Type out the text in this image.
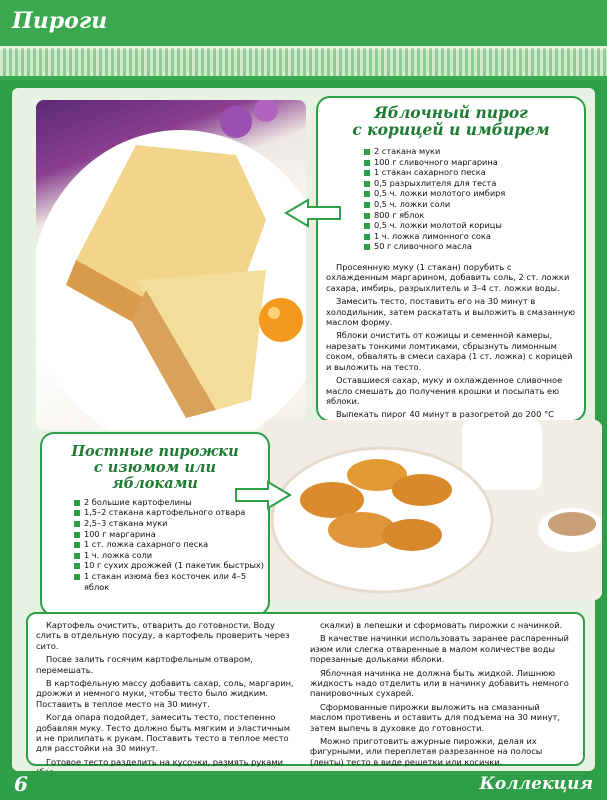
Пироги
Яблочный пирог
с корицей и имбирем
2 стакана муки
100 г сливочного маргарина
1 стакан сахарного песка
0,5 разрыхлителя для теста
0,5 ч. ложки молотого имбиря
0,5 ч. ложки соли
800 г яблок
0,5 ч. ложки молотой корицы
1 ч. ложка лимонного сока
50 г сливочного масла

Просеянную муку (1 стакан) порубить с охлажденным маргарином, добавить соль, 2 ст. ложки сахара, имбирь, разрыхлитель и 3–4 ст. ложки воды.

Замесить тесто, поставить его на 30 минут в холодильник, затем раскатать и выложить в смазанную маслом форму.

Яблоки очистить от кожицы и семенной камеры, нарезать тонкими ломтиками, сбрызнуть лимонным соком, обвалять в смеси сахара (1 ст. ложка) с корицей и выложить на тесто.

Оставшиеся сахар, муку и охлажденное сливочное масло смешать до получения крошки и посыпать ею яблоки.

Выпекать пирог 40 минут в разогретой до 200 °С

Постные пирожки
с изюмом или
яблоками
2 большие картофелины
1,5–2 стакана картофельного отвара
2,5–3 стакана муки
100 г маргарина
1 ст. ложка сахарного песка
1 ч. ложка соли
10 г сухих дрожжей (1 пакетик быстрых)
1 стакан изюма без косточек или 4–5 яблок

Картофель очистить, отварить до готовности. Воду слить в отдельную посуду, а картофель проверить через сито.

Посве залить госячим картофельным отваром, перемешать.

В картофельную массу добавить сахар, соль, маргарин, дрожжи и немного муки, чтобы тесто было жидким. Поставить в теплое место на 30 минут.

Когда опара подойдет, замесить тесто, постепенно добавляя муку. Тесто должно быть мягким и эластичным и не прилипать к рукам. Поставить тесто в теплое место для расстойки на 30 минут.

Готовое тесто разделить на кусочки, размять руками

скалки) в лепешки и сформовать пирожки с начинкой.

В качестве начинки использовать заранее распаренный изюм или слегка отваренные в малом количестве воды порезанные дольками яблоки.

Яблочная начинка не должна быть жидкой. Лишнюю жидкость надо отделить или в начинку добавить немного панировочных сухарей.

Сформованные пирожки выложить на смазанный маслом противень и оставить для подъема на 30 минут, затем выпечь в духовке до готовности.

Можно приготовить ажурные пирожки, делая их фигурными, или переплетая разрезанное на полосы (ленты) тесто в виде решетки или косички.

6	Коллекция
